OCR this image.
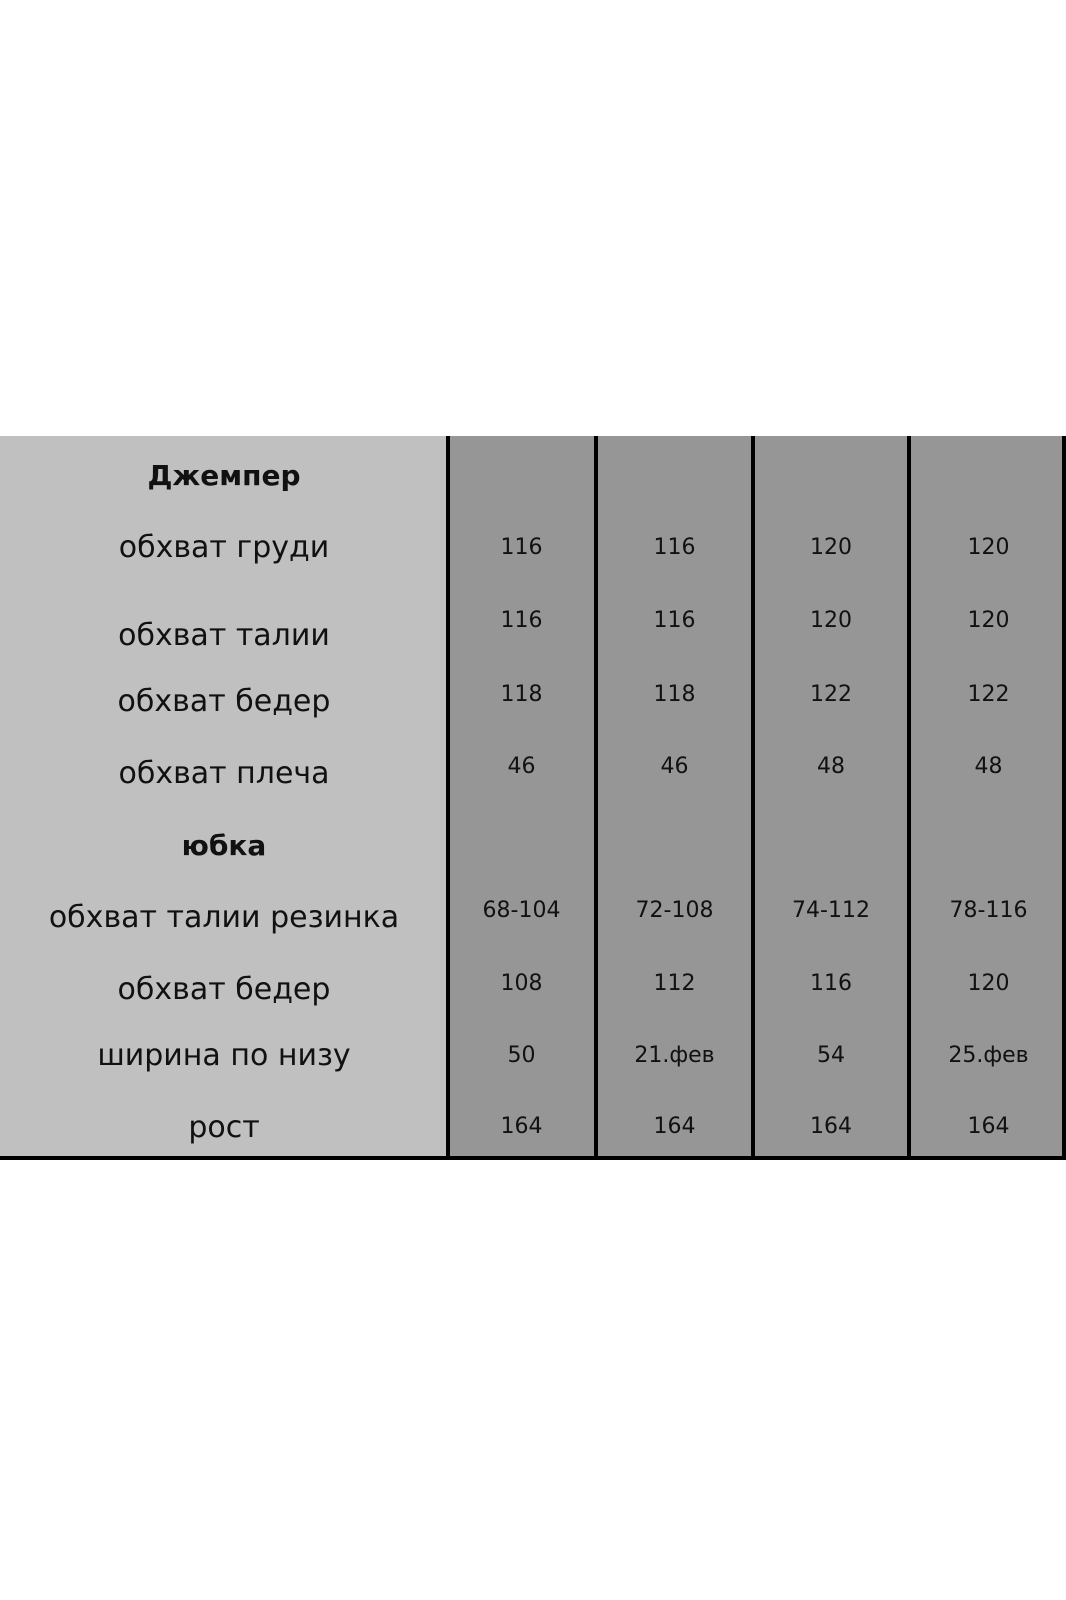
Джемпер
обхват груди	116	116	120	120
обхват талии	116	116	120	120
обхват бедер	118	118	122	122
обхват плеча	46	46	48	48
юбка
обхват талии резинка	68-104	72-108	74-112	78-116
обхват бедер	108	112	116	120
ширина по низу	50	21.фев	54	25.фев
рост	164	164	164	164
